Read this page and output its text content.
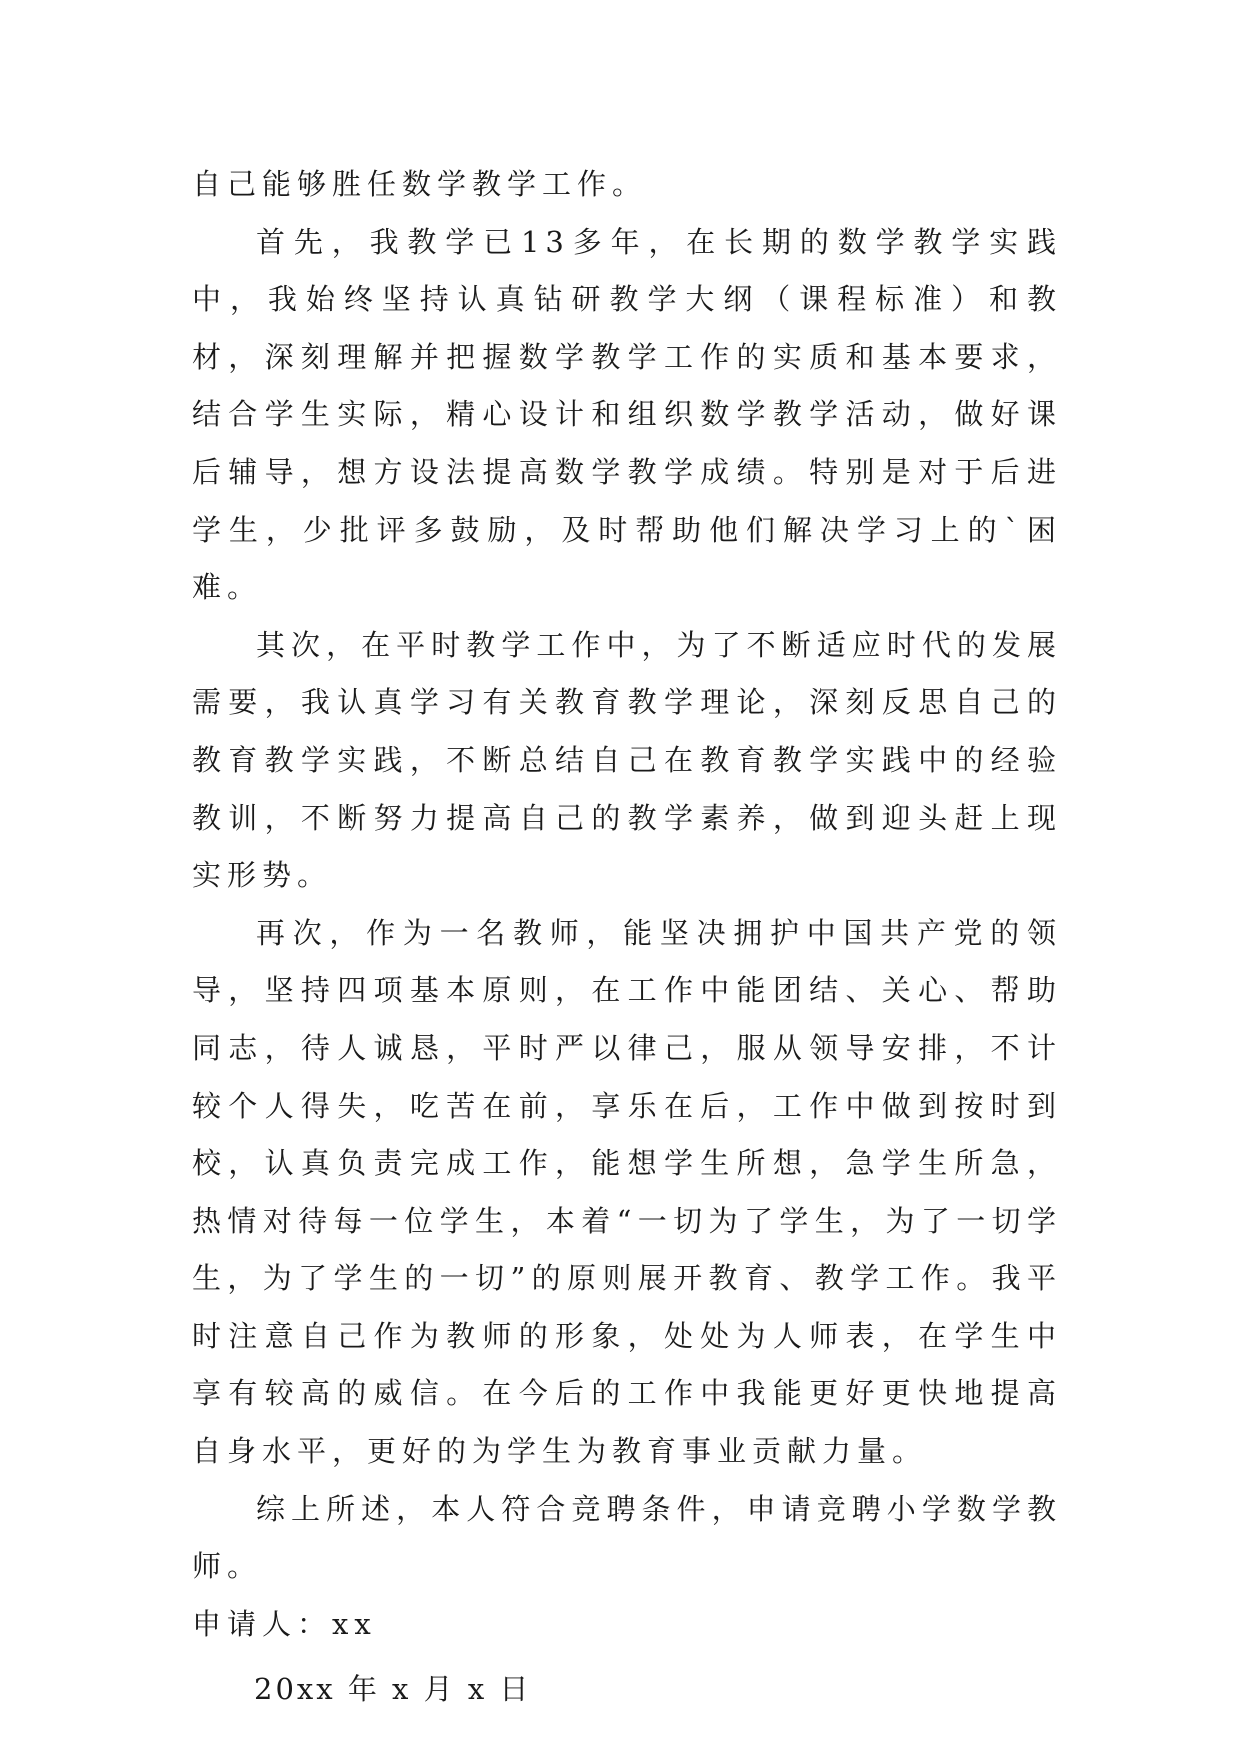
自己能够胜任数学教学工作。

首先，我教学已13多年，在长期的数学教学实践中，我始终坚持认真钻研教学大纲（课程标准）和教材，深刻理解并把握数学教学工作的实质和基本要求，结合学生实际，精心设计和组织数学教学活动，做好课后辅导，想方设法提高数学教学成绩。特别是对于后进学生，少批评多鼓励，及时帮助他们解决学习上的`困难。

其次，在平时教学工作中，为了不断适应时代的发展需要，我认真学习有关教育教学理论，深刻反思自己的教育教学实践，不断总结自己在教育教学实践中的经验教训，不断努力提高自己的教学素养，做到迎头赶上现实形势。

再次，作为一名教师，能坚决拥护中国共产党的领导，坚持四项基本原则，在工作中能团结、关心、帮助同志，待人诚恳，平时严以律己，服从领导安排，不计较个人得失，吃苦在前，享乐在后，工作中做到按时到校，认真负责完成工作，能想学生所想，急学生所急，热情对待每一位学生，本着“一切为了学生，为了一切学生，为了学生的一切”的原则展开教育、教学工作。我平时注意自己作为教师的形象，处处为人师表，在学生中享有较高的威信。在今后的工作中我能更好更快地提高自身水平，更好的为学生为教育事业贡献力量。

综上所述，本人符合竞聘条件，申请竞聘小学数学教师。

申请人：xx

20xx 年 x 月 x 日
